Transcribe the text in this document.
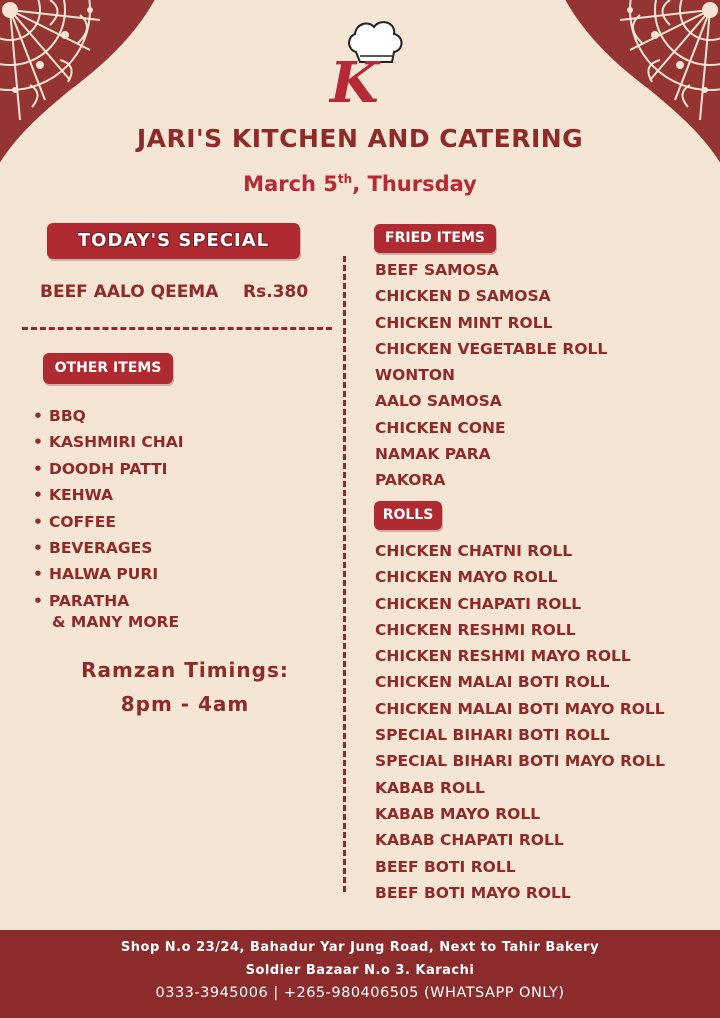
K
JARI'S KITCHEN AND CATERING
March 5th, Thursday
TODAY'S SPECIAL
BEEF AALO QEEMA Rs.380
OTHER ITEMS
• BBQ
• KASHMIRI CHAI
• DOODH PATTI
• KEHWA
• COFFEE
• BEVERAGES
• HALWA PURI
• PARATHA
& MANY MORE
Ramzan Timings:
8pm - 4am
FRIED ITEMS
BEEF SAMOSA
CHICKEN D SAMOSA
CHICKEN MINT ROLL
CHICKEN VEGETABLE ROLL
WONTON
AALO SAMOSA
CHICKEN CONE
NAMAK PARA
PAKORA
ROLLS
CHICKEN CHATNI ROLL
CHICKEN MAYO ROLL
CHICKEN CHAPATI ROLL
CHICKEN RESHMI ROLL
CHICKEN RESHMI MAYO ROLL
CHICKEN MALAI BOTI ROLL
CHICKEN MALAI BOTI MAYO ROLL
SPECIAL BIHARI BOTI ROLL
SPECIAL BIHARI BOTI MAYO ROLL
KABAB ROLL
KABAB MAYO ROLL
KABAB CHAPATI ROLL
BEEF BOTI ROLL
BEEF BOTI MAYO ROLL
Shop N.o 23/24, Bahadur Yar Jung Road, Next to Tahir Bakery
Soldier Bazaar N.o 3. Karachi
0333-3945006 | +265-980406505 (WHATSAPP ONLY)
